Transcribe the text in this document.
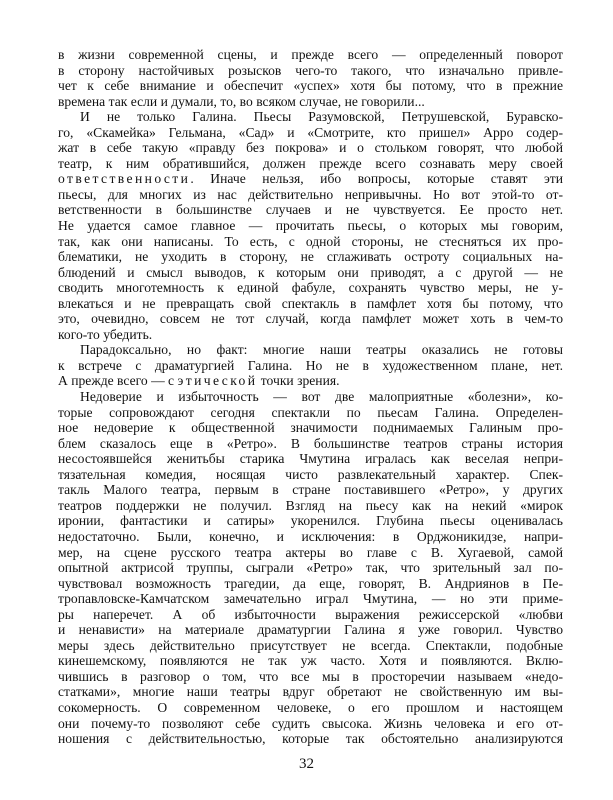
в жизни современной сцены, и прежде всего — определенный поворот
в сторону настойчивых розысков чего-то такого, что изначально привле-
чет к себе внимание и обеспечит «успех» хотя бы потому, что в прежние
времена так если и думали, то, во всяком случае, не говорили...
И не только Галина. Пьесы Разумовской, Петрушевской, Буравско-
го, «Скамейка» Гельмана, «Сад» и «Смотрите, кто пришел» Арро содер-
жат в себе такую «правду без покрова» и о стольком говорят, что любой
театр, к ним обратившийся, должен прежде всего сознавать меру своей
ответственности. Иначе нельзя, ибо вопросы, которые ставят эти
пьесы, для многих из нас действительно непривычны. Но вот этой-то от-
ветственности в большинстве случаев и не чувствуется. Ее просто нет.
Не удается самое главное — прочитать пьесы, о которых мы говорим,
так, как они написаны. То есть, с одной стороны, не стесняться их про-
блематики, не уходить в сторону, не сглаживать остроту социальных на-
блюдений и смысл выводов, к которым они приводят, а с другой — не
сводить многотемность к единой фабуле, сохранять чувство меры, не у-
влекаться и не превращать свой спектакль в памфлет хотя бы потому, что
это, очевидно, совсем не тот случай, когда памфлет может хоть в чем-то
кого-то убедить.
Парадоксально, но факт: многие наши театры оказались не готовы
к встрече с драматургией Галина. Но не в художественном плане, нет.
А прежде всего — с этической точки зрения.
Недоверие и избыточность — вот две малоприятные «болезни», ко-
торые сопровождают сегодня спектакли по пьесам Галина. Определен-
ное недоверие к общественной значимости поднимаемых Галиным про-
блем сказалось еще в «Ретро». В большинстве театров страны история
несостоявшейся женитьбы старика Чмутина игралась как веселая непри-
тязательная комедия, носящая чисто развлекательный характер. Спек-
такль Малого театра, первым в стране поставившего «Ретро», у других
театров поддержки не получил. Взгляд на пьесу как на некий «мирок
иронии, фантастики и сатиры» укоренился. Глубина пьесы оценивалась
недостаточно. Были, конечно, и исключения: в Орджоникидзе, напри-
мер, на сцене русского театра актеры во главе с В. Хугаевой, самой
опытной актрисой труппы, сыграли «Ретро» так, что зрительный зал по-
чувствовал возможность трагедии, да еще, говорят, В. Андриянов в Пе-
тропавловске-Камчатском замечательно играл Чмутина, — но эти приме-
ры наперечет. А об избыточности выражения режиссерской «любви
и ненависти» на материале драматургии Галина я уже говорил. Чувство
меры здесь действительно присутствует не всегда. Спектакли, подобные
кинешемскому, появляются не так уж часто. Хотя и появляются. Вклю-
чившись в разговор о том, что все мы в просторечии называем «недо-
статками», многие наши театры вдруг обретают не свойственную им вы-
сокомерность. О современном человеке, о его прошлом и настоящем
они почему-то позволяют себе судить свысока. Жизнь человека и его от-
ношения с действительностью, которые так обстоятельно анализируются
32
